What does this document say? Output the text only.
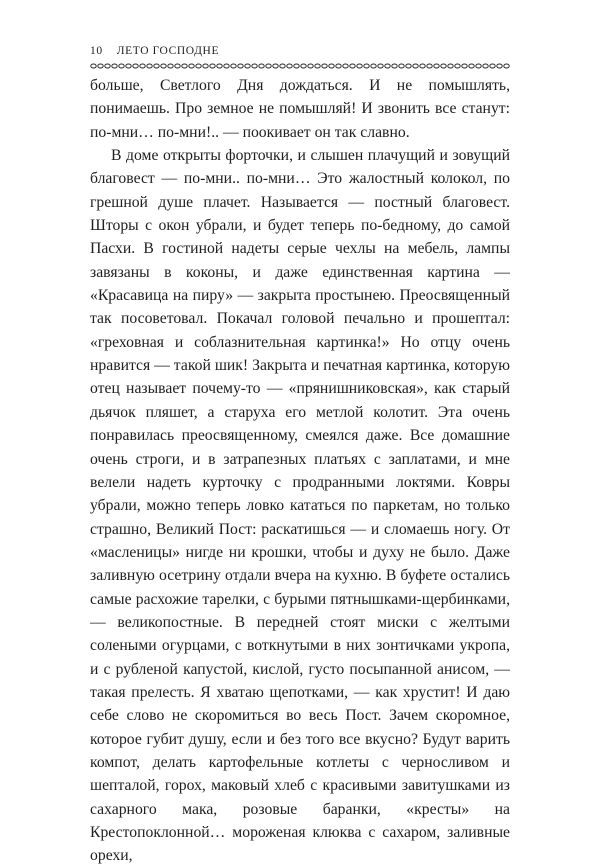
10 ЛЕТО ГОСПОДНЕ

больше, Светлого Дня дождаться. И не помышлять, понимаешь. Про земное не помышляй! И звонить все станут: по-мни… по-мни!.. — поокивает он так славно.

В доме открыты форточки, и слышен плачущий и зовущий благовест — по-мни.. по-мни… Это жалостный колокол, по грешной душе плачет. Называется — постный благовест. Шторы с окон убрали, и будет теперь по-бедному, до самой Пасхи. В гостиной надеты серые чехлы на мебель, лампы завязаны в коконы, и даже единственная картина — «Красавица на пиру» — закрыта простынею. Преосвященный так посоветовал. Покачал головой печально и прошептал: «греховная и соблазнительная картинка!» Но отцу очень нравится — такой шик! Закрыта и печатная картинка, которую отец называет почему-то — «прянишниковская», как старый дьячок пляшет, а старуха его метлой колотит. Эта очень понравилась преосвященному, смеялся даже. Все домашние очень строги, и в затрапезных платьях с заплатами, и мне велели надеть курточку с продранными локтями. Ковры убрали, можно теперь ловко кататься по паркетам, но только страшно, Великий Пост: раскатишься — и сломаешь ногу. От «масленицы» нигде ни крошки, чтобы и духу не было. Даже заливную осетрину отдали вчера на кухню. В буфете остались самые расхожие тарелки, с бурыми пятнышками-щербинками, — великопостные. В передней стоят миски с желтыми солеными огурцами, с воткнутыми в них зонтичками укропа, и с рубленой капустой, кислой, густо посыпанной анисом, — такая прелесть. Я хватаю щепотками, — как хрустит! И даю себе слово не скоромиться во весь Пост. Зачем скоромное, которое губит душу, если и без того все вкусно? Будут варить компот, делать картофельные котлеты с черносливом и шепталой, горох, маковый хлеб с красивыми завитушками из сахарного мака, розовые баранки, «кресты» на Крестопоклонной… мороженая клюква с сахаром, заливные орехи,
